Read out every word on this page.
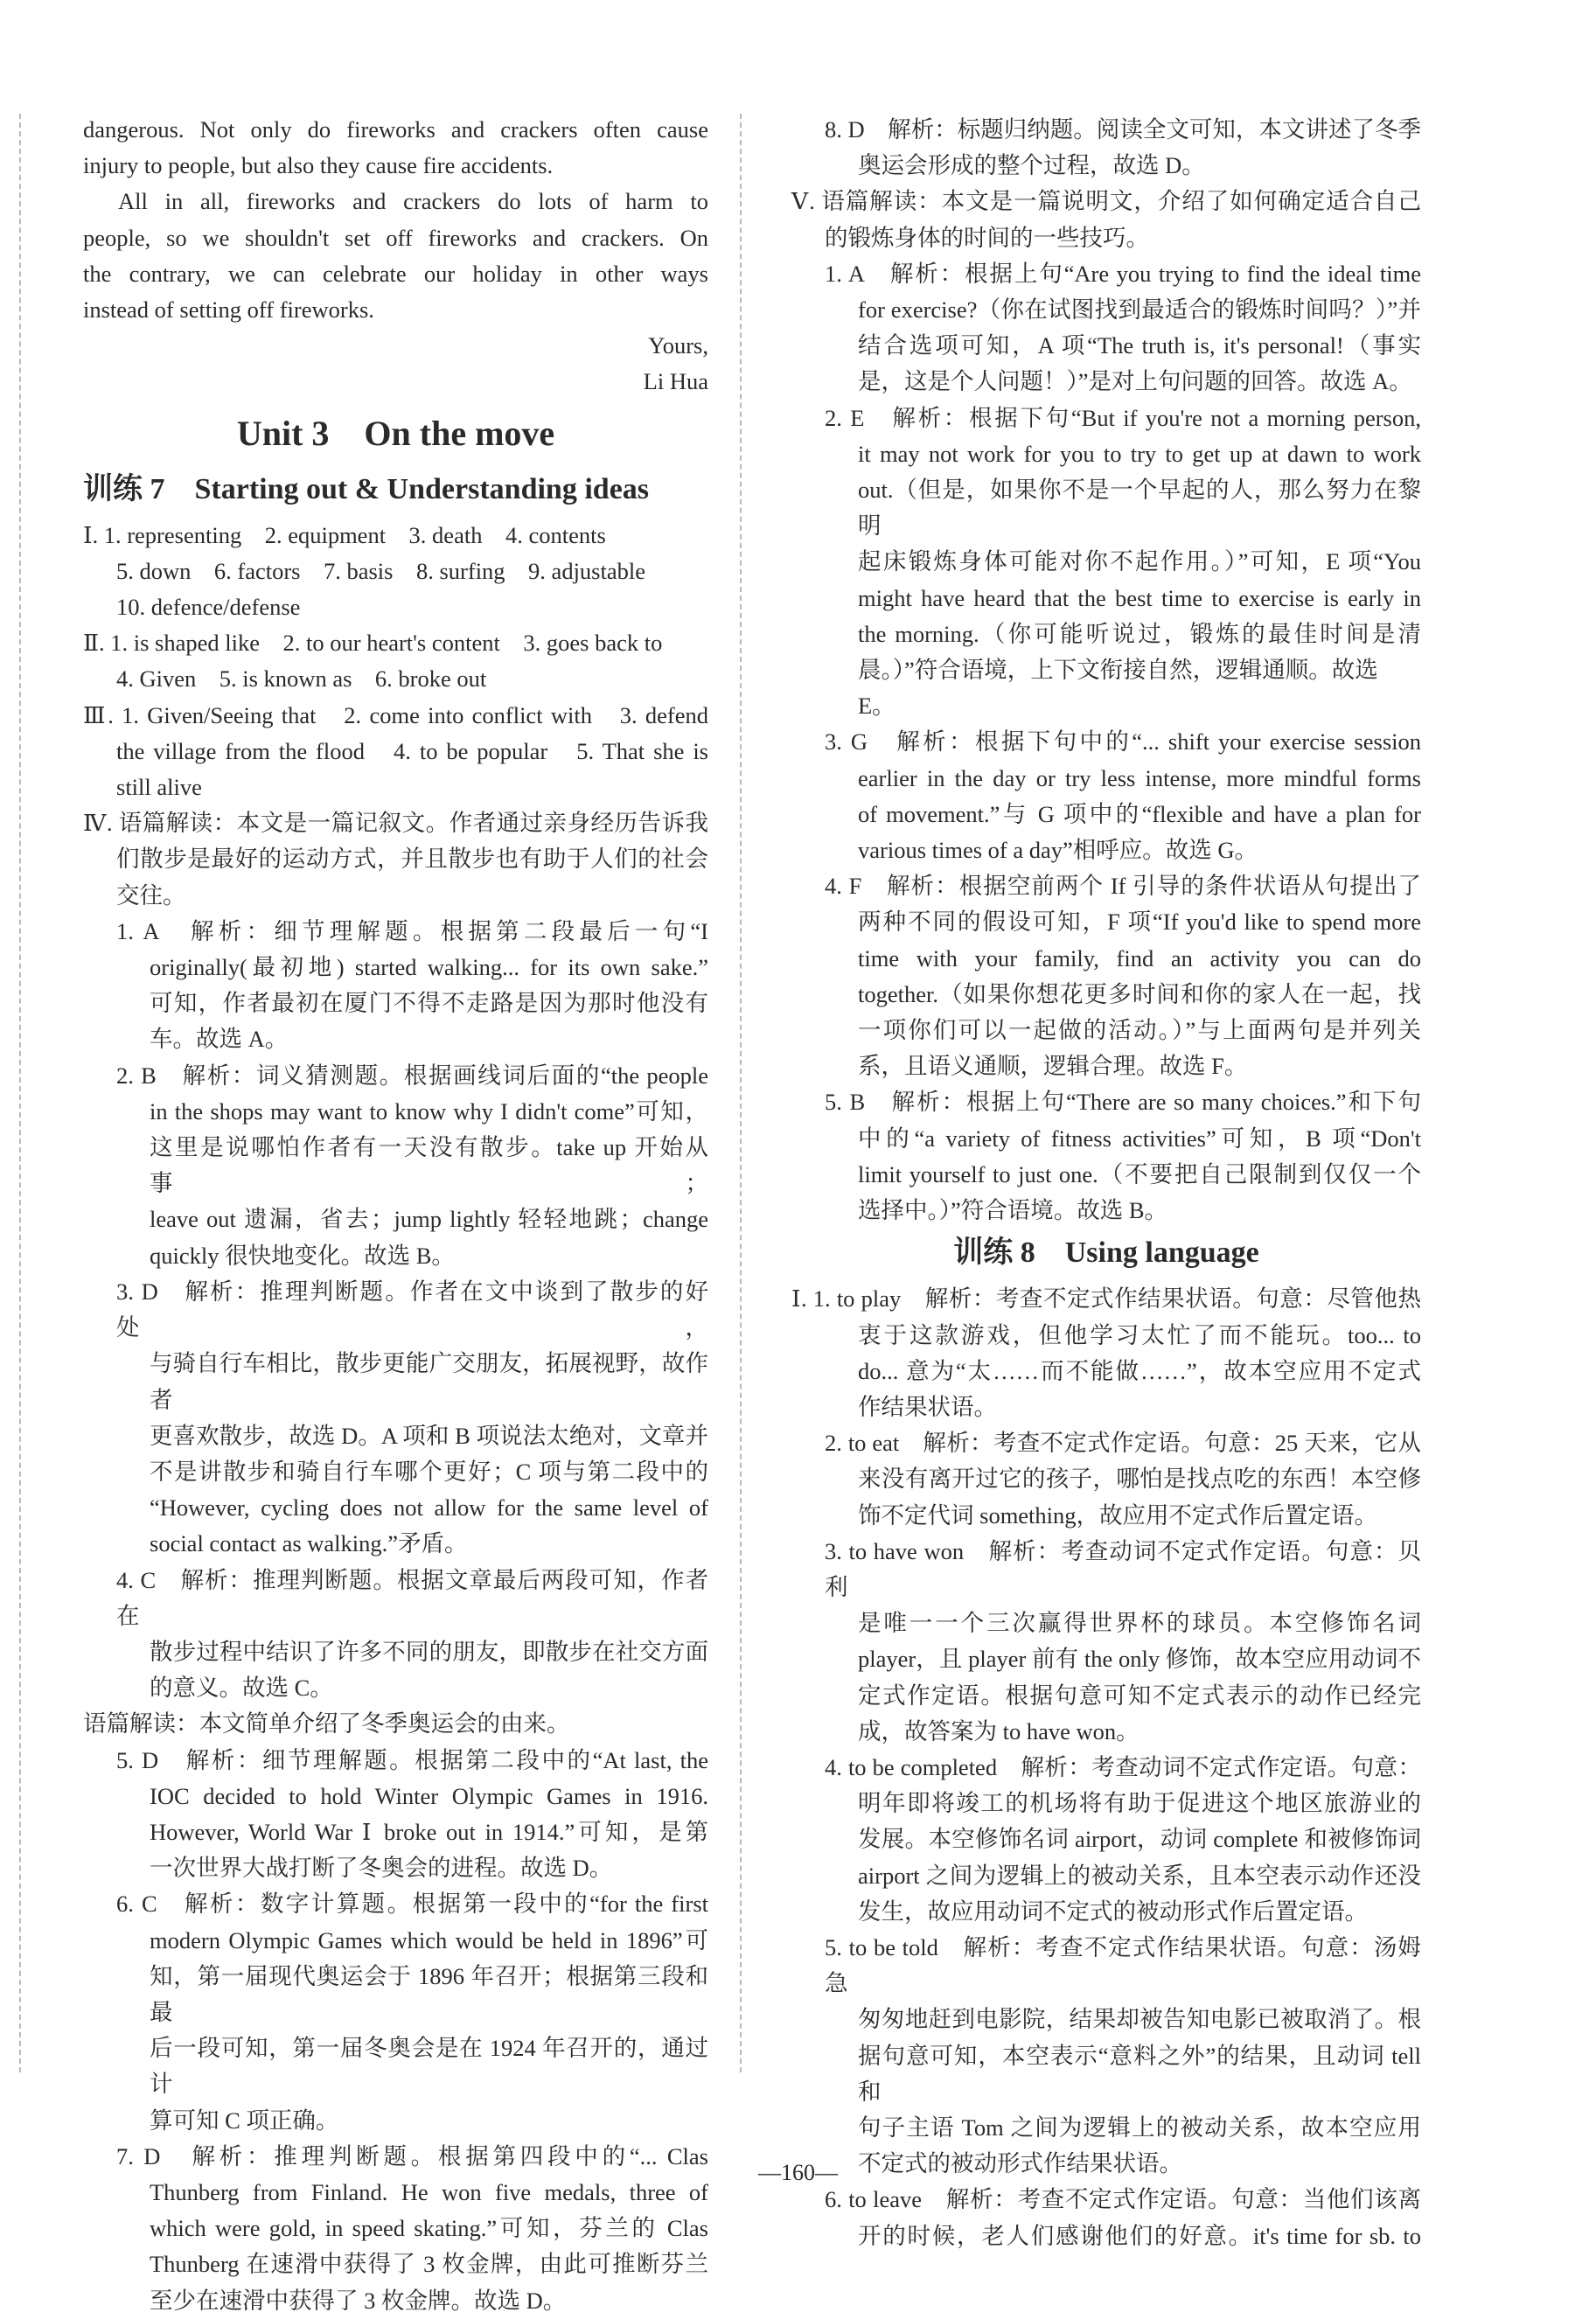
dangerous. Not only do fireworks and crackers often cause

injury to people, but also they cause fire accidents.

All in all, fireworks and crackers do lots of harm to

people, so we shouldn't set off fireworks and crackers. On

the contrary, we can celebrate our holiday in other ways

instead of setting off fireworks.

Yours,

Li Hua

Unit 3　On the move
训练 7　Starting out & Understanding ideas

Ⅰ. 1. representing　2. equipment　3. death　4. contents

5. down　6. factors　7. basis　8. surfing　9. adjustable

10. defence/defense

Ⅱ. 1. is shaped like　2. to our heart's content　3. goes back to

4. Given　5. is known as　6. broke out

Ⅲ. 1. Given/Seeing that　2. come into conflict with　3. defend

the village from the flood　4. to be popular　5. That she is

still alive

Ⅳ. 语篇解读：本文是一篇记叙文。作者通过亲身经历告诉我

们散步是最好的运动方式，并且散步也有助于人们的社会

交往。

1. A　解析：细节理解题。根据第二段最后一句“I

originally(最初地) started walking... for its own sake.”

可知，作者最初在厦门不得不走路是因为那时他没有

车。故选 A。

2. B　解析：词义猜测题。根据画线词后面的“the people

in the shops may want to know why I didn't come”可知，

这里是说哪怕作者有一天没有散步。take up 开始从事；

leave out 遗漏，省去；jump lightly 轻轻地跳；change

quickly 很快地变化。故选 B。

3. D　解析：推理判断题。作者在文中谈到了散步的好处，

与骑自行车相比，散步更能广交朋友，拓展视野，故作者

更喜欢散步，故选 D。A 项和 B 项说法太绝对，文章并

不是讲散步和骑自行车哪个更好；C 项与第二段中的

“However, cycling does not allow for the same level of

social contact as walking.”矛盾。

4. C　解析：推理判断题。根据文章最后两段可知，作者在

散步过程中结识了许多不同的朋友，即散步在社交方面

的意义。故选 C。

语篇解读：本文简单介绍了冬季奥运会的由来。

5. D　解析：细节理解题。根据第二段中的“At last, the

IOC decided to hold Winter Olympic Games in 1916.

However, World War Ⅰ broke out in 1914.”可知，是第

一次世界大战打断了冬奥会的进程。故选 D。

6. C　解析：数字计算题。根据第一段中的“for the first

modern Olympic Games which would be held in 1896”可

知，第一届现代奥运会于 1896 年召开；根据第三段和最

后一段可知，第一届冬奥会是在 1924 年召开的，通过计

算可知 C 项正确。

7. D　解析：推理判断题。根据第四段中的“... Clas

Thunberg from Finland. He won five medals, three of

which were gold, in speed skating.”可知，芬兰的 Clas

Thunberg 在速滑中获得了 3 枚金牌，由此可推断芬兰

至少在速滑中获得了 3 枚金牌。故选 D。

8. D　解析：标题归纳题。阅读全文可知，本文讲述了冬季

奥运会形成的整个过程，故选 D。

Ⅴ. 语篇解读：本文是一篇说明文，介绍了如何确定适合自己

的锻炼身体的时间的一些技巧。

1. A　解析：根据上句“Are you trying to find the ideal time

for exercise?（你在试图找到最适合的锻炼时间吗？）”并

结合选项可知，A 项“The truth is, it's personal!（事实

是，这是个人问题！）”是对上句问题的回答。故选 A。

2. E　解析：根据下句“But if you're not a morning person,

it may not work for you to try to get up at dawn to work

out.（但是，如果你不是一个早起的人，那么努力在黎明

起床锻炼身体可能对你不起作用。）”可知，E 项“You

might have heard that the best time to exercise is early in

the morning.（你可能听说过，锻炼的最佳时间是清

晨。）”符合语境，上下文衔接自然，逻辑通顺。故选 E。

3. G　解析：根据下句中的“... shift your exercise session

earlier in the day or try less intense, more mindful forms

of movement.”与 G 项中的“flexible and have a plan for

various times of a day”相呼应。故选 G。

4. F　解析：根据空前两个 If 引导的条件状语从句提出了

两种不同的假设可知，F 项“If you'd like to spend more

time with your family, find an activity you can do

together.（如果你想花更多时间和你的家人在一起，找

一项你们可以一起做的活动。）”与上面两句是并列关

系，且语义通顺，逻辑合理。故选 F。

5. B　解析：根据上句“There are so many choices.”和下句

中的“a variety of fitness activities”可知，B 项“Don't

limit yourself to just one.（不要把自己限制到仅仅一个

选择中。）”符合语境。故选 B。

训练 8　Using language

Ⅰ. 1. to play　解析：考查不定式作结果状语。句意：尽管他热

衷于这款游戏，但他学习太忙了而不能玩。too... to

do... 意为“太……而不能做……”，故本空应用不定式

作结果状语。

2. to eat　解析：考查不定式作定语。句意：25 天来，它从

来没有离开过它的孩子，哪怕是找点吃的东西！本空修

饰不定代词 something，故应用不定式作后置定语。

3. to have won　解析：考查动词不定式作定语。句意：贝利

是唯一一个三次赢得世界杯的球员。本空修饰名词

player，且 player 前有 the only 修饰，故本空应用动词不

定式作定语。根据句意可知不定式表示的动作已经完

成，故答案为 to have won。

4. to be completed　解析：考查动词不定式作定语。句意：

明年即将竣工的机场将有助于促进这个地区旅游业的

发展。本空修饰名词 airport，动词 complete 和被修饰词

airport 之间为逻辑上的被动关系，且本空表示动作还没

发生，故应用动词不定式的被动形式作后置定语。

5. to be told　解析：考查不定式作结果状语。句意：汤姆急

匆匆地赶到电影院，结果却被告知电影已被取消了。根

据句意可知，本空表示“意料之外”的结果，且动词 tell 和

句子主语 Tom 之间为逻辑上的被动关系，故本空应用

不定式的被动形式作结果状语。

6. to leave　解析：考查不定式作定语。句意：当他们该离

开的时候，老人们感谢他们的好意。it's time for sb. to

—160—
